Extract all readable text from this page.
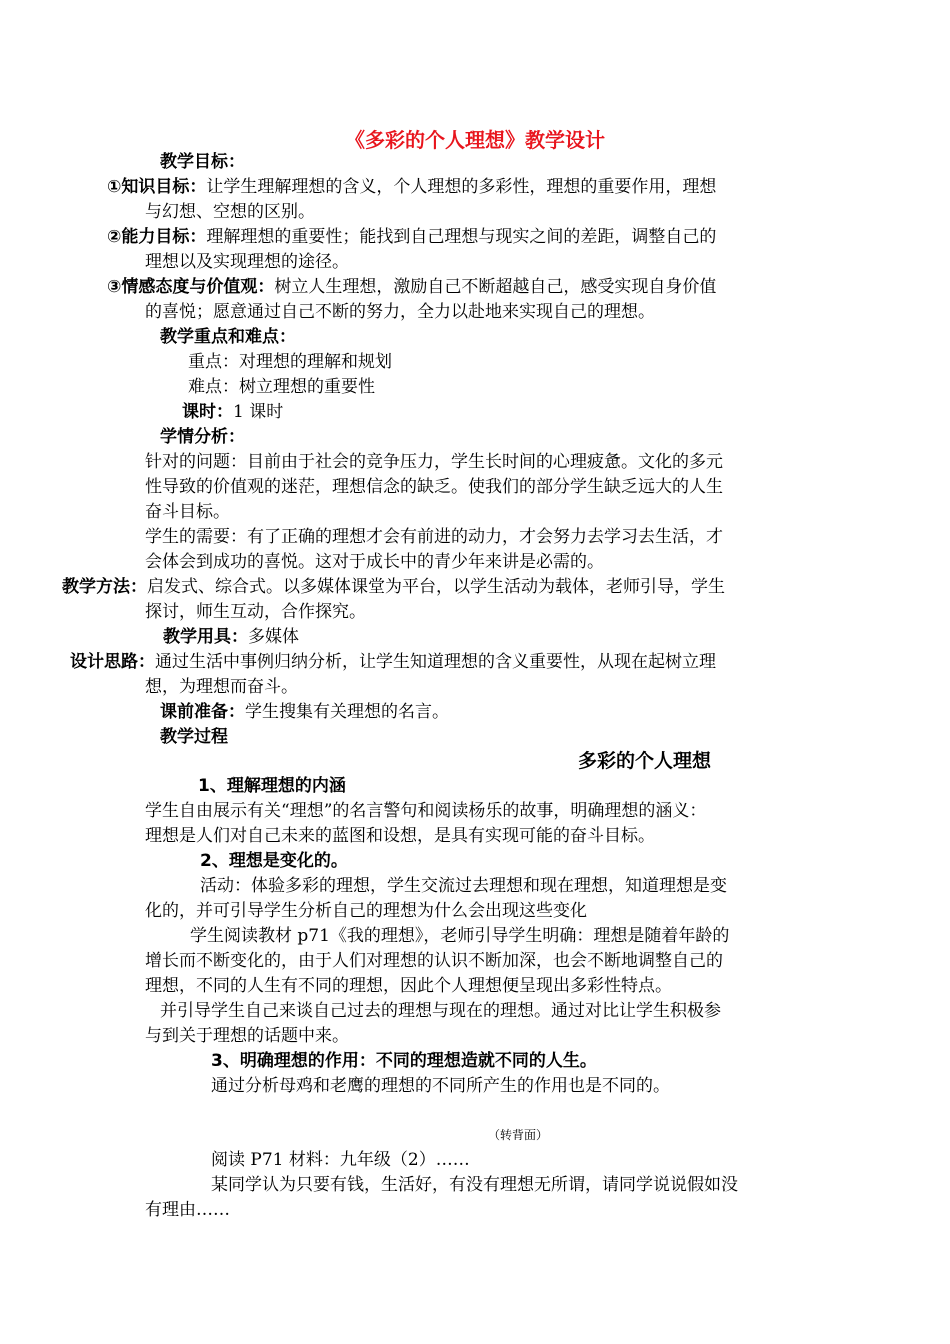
《多彩的个人理想》教学设计
教学目标：
①知识目标：让学生理解理想的含义，个人理想的多彩性，理想的重要作用，理想
与幻想、空想的区别。
②能力目标：理解理想的重要性；能找到自己理想与现实之间的差距，调整自己的
理想以及实现理想的途径。
③情感态度与价值观：树立人生理想，激励自己不断超越自己，感受实现自身价值
的喜悦；愿意通过自己不断的努力，全力以赴地来实现自己的理想。
教学重点和难点：
重点：对理想的理解和规划
难点：树立理想的重要性
课时：1 课时
学情分析：
针对的问题：目前由于社会的竞争压力，学生长时间的心理疲惫。文化的多元
性导致的价值观的迷茫，理想信念的缺乏。使我们的部分学生缺乏远大的人生
奋斗目标。
学生的需要：有了正确的理想才会有前进的动力，才会努力去学习去生活，才
会体会到成功的喜悦。这对于成长中的青少年来讲是必需的。
教学方法：启发式、综合式。以多媒体课堂为平台，以学生活动为载体，老师引导，学生
探讨，师生互动，合作探究。
教学用具：多媒体
设计思路：通过生活中事例归纳分析，让学生知道理想的含义重要性，从现在起树立理
想，为理想而奋斗。
课前准备：学生搜集有关理想的名言。
教学过程
多彩的个人理想
1、理解理想的内涵
学生自由展示有关“理想”的名言警句和阅读杨乐的故事，明确理想的涵义：
理想是人们对自己未来的蓝图和设想，是具有实现可能的奋斗目标。
2、理想是变化的。
活动：体验多彩的理想，学生交流过去理想和现在理想，知道理想是变
化的，并可引导学生分析自己的理想为什么会出现这些变化
学生阅读教材 p71《我的理想》，老师引导学生明确：理想是随着年龄的
增长而不断变化的，由于人们对理想的认识不断加深，也会不断地调整自己的
理想，不同的人生有不同的理想，因此个人理想便呈现出多彩性特点。
并引导学生自己来谈自己过去的理想与现在的理想。通过对比让学生积极参
与到关于理想的话题中来。
3、明确理想的作用：不同的理想造就不同的人生。
通过分析母鸡和老鹰的理想的不同所产生的作用也是不同的。
（转背面）
阅读 P71 材料：九年级（2）……
某同学认为只要有钱，生活好，有没有理想无所谓，请同学说说假如没
有理由……
